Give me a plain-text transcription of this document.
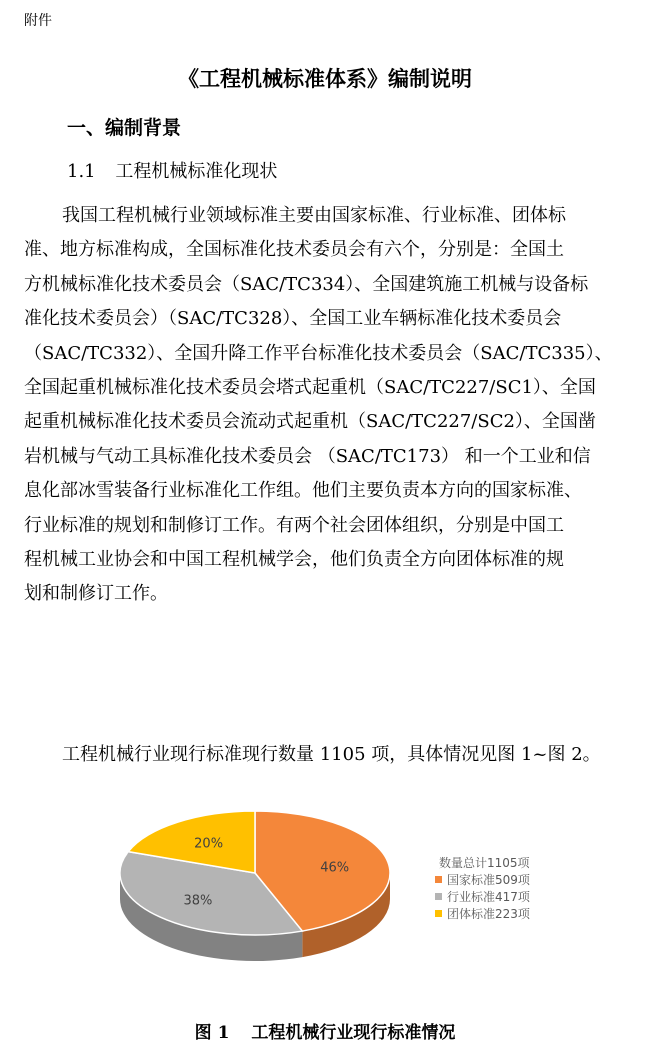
附件
《工程机械标准体系》编制说明
一、编制背景
1.1 工程机械标准化现状
我国工程机械行业领域标准主要由国家标准、行业标准、团体标
准、地方标准构成，全国标准化技术委员会有六个，分别是：全国土
方机械标准化技术委员会（SAC/TC334）、全国建筑施工机械与设备标
准化技术委员会）（SAC/TC328）、全国工业车辆标准化技术委员会
（SAC/TC332）、全国升降工作平台标准化技术委员会（SAC/TC335）、
全国起重机械标准化技术委员会塔式起重机（SAC/TC227/SC1）、全国
起重机械标准化技术委员会流动式起重机（SAC/TC227/SC2）、全国凿
岩机械与气动工具标准化技术委员会 （SAC/TC173） 和一个工业和信
息化部冰雪装备行业标准化工作组。他们主要负责本方向的国家标准、
行业标准的规划和制修订工作。有两个社会团体组织，分别是中国工
程机械工业协会和中国工程机械学会，他们负责全方向团体标准的规
划和制修订工作。
工程机械行业现行标准现行数量 1105 项，具体情况见图 1~图 2。
46%
38%
20%
数量总计1105项
国家标准509项
行业标准417项
团体标准223项
图 1 工程机械行业现行标准情况
